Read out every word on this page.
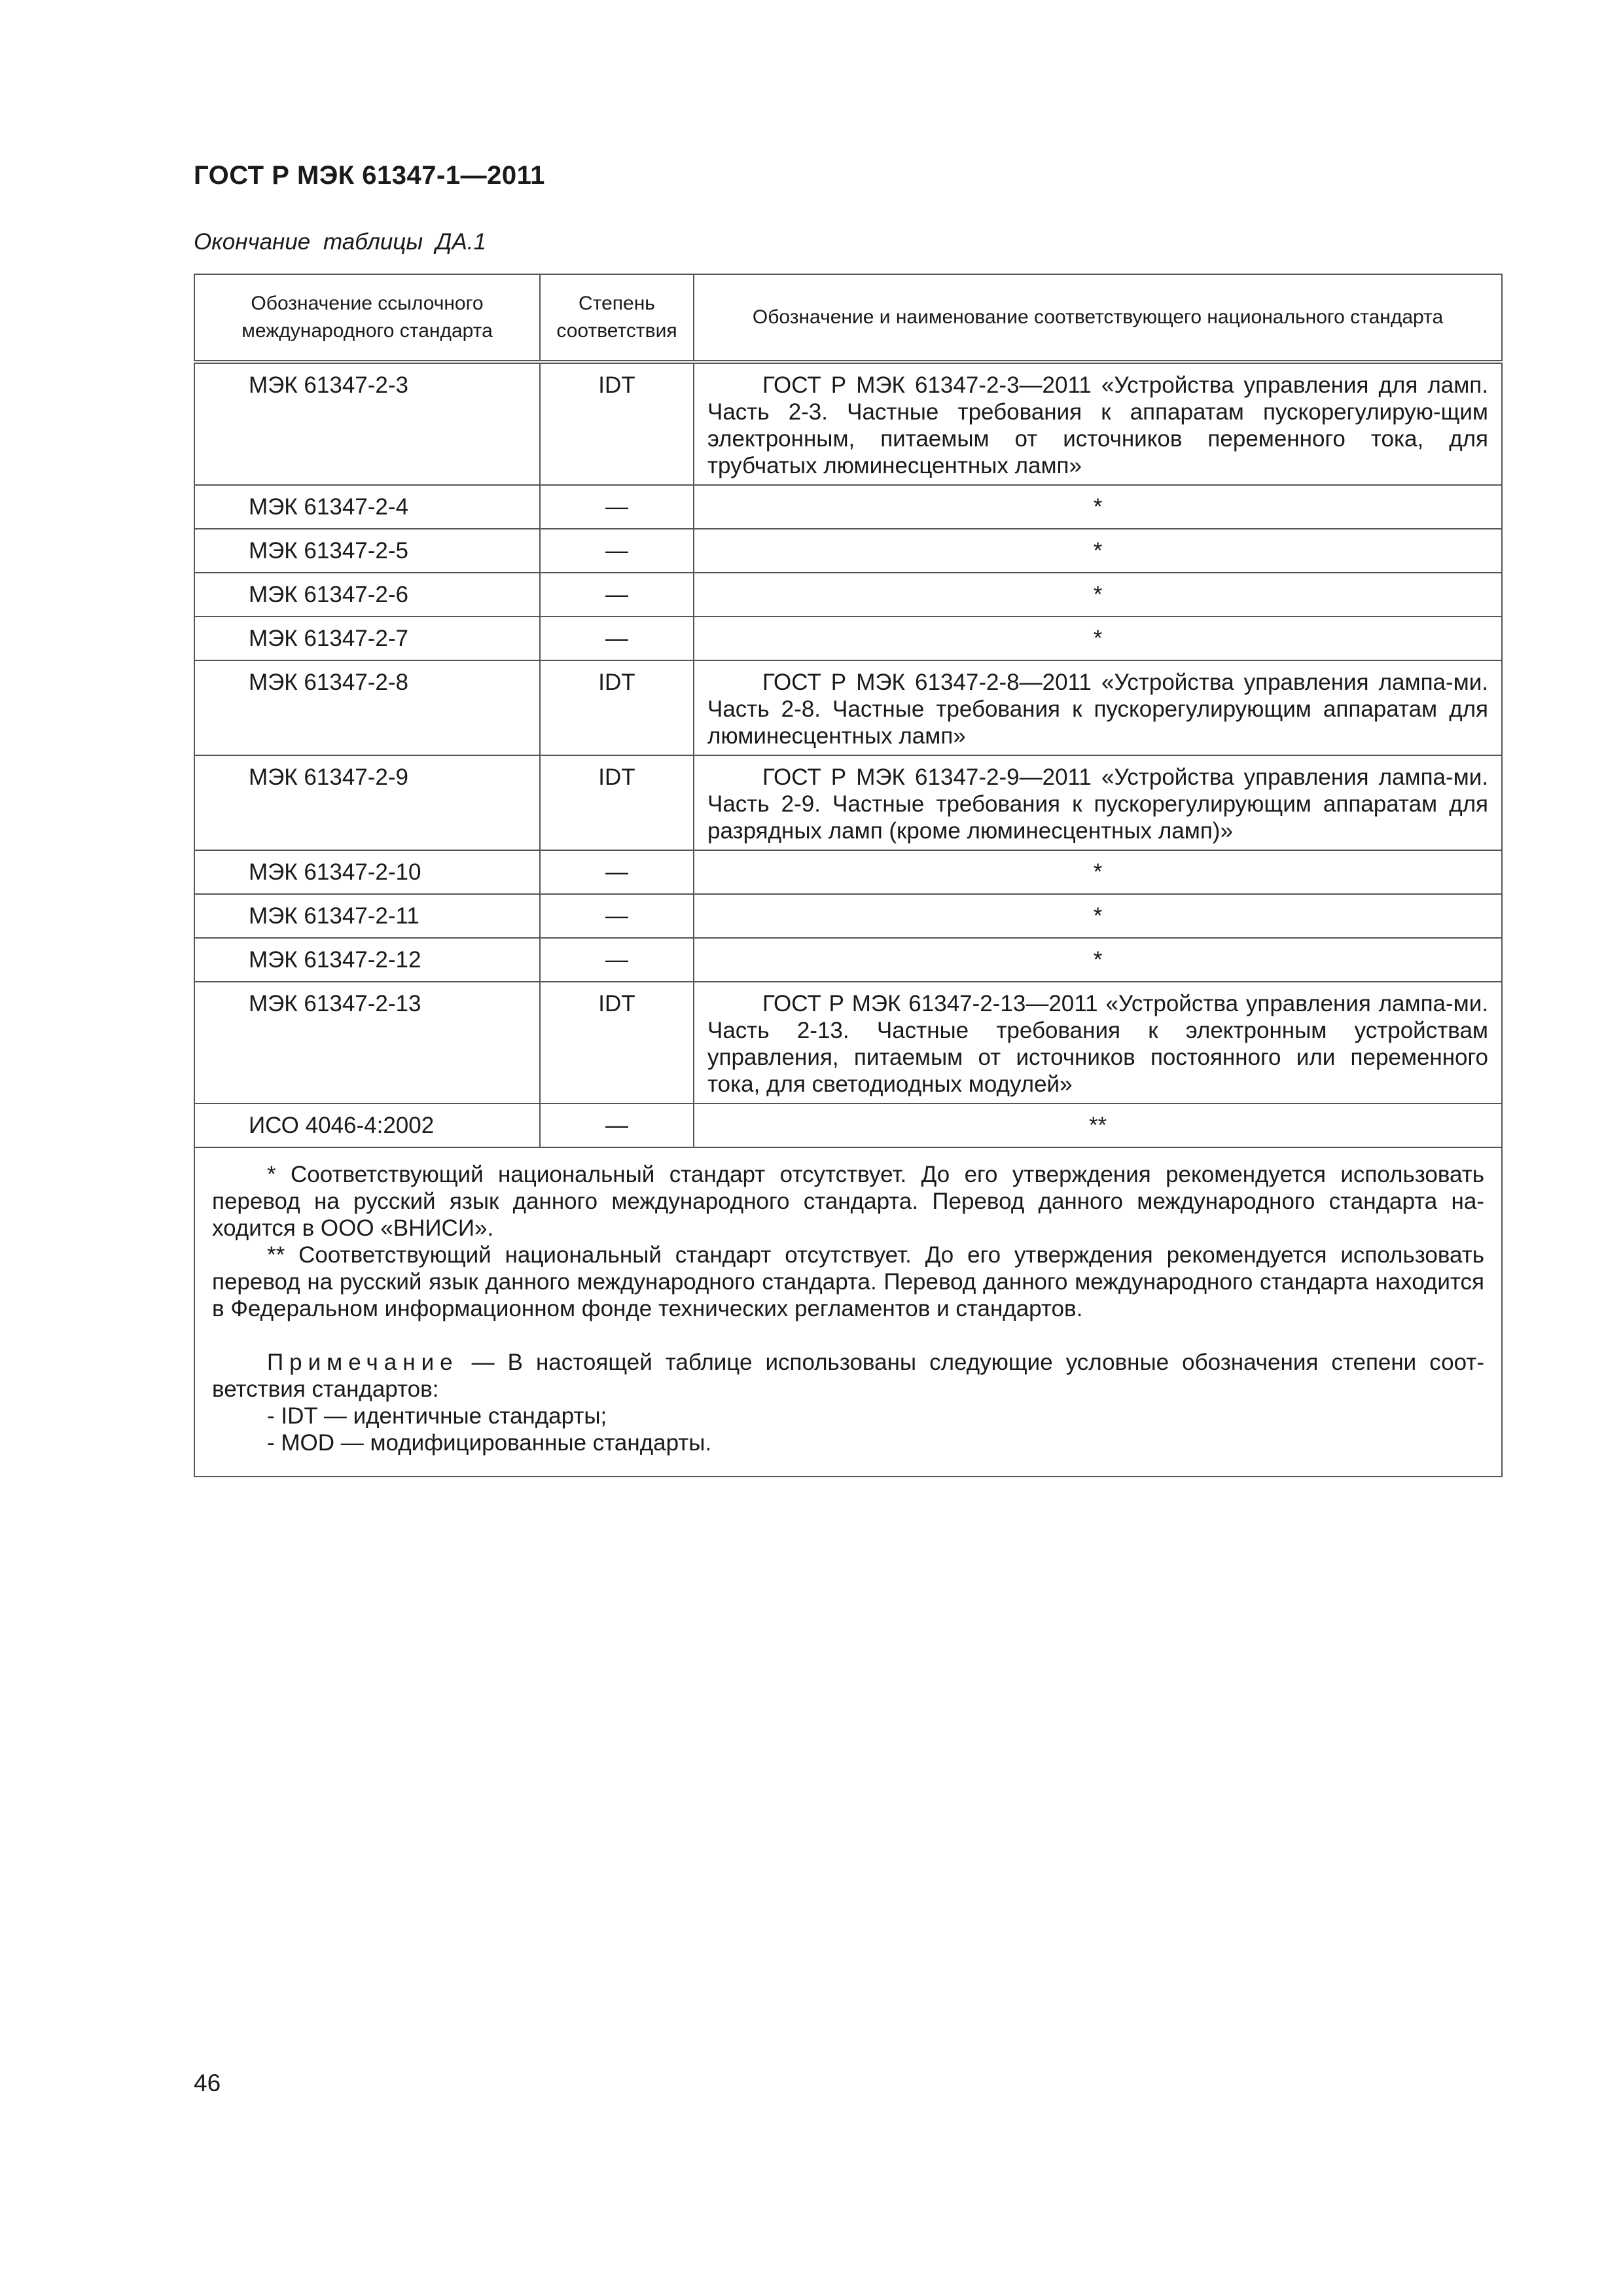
ГОСТ Р МЭК 61347-1—2011
Окончание таблицы ДА.1
Обозначение ссылочного международного стандарта	Степень соответствия	Обозначение и наименование соответствующего национального стандарта
МЭК 61347-2-3	IDT	ГОСТ Р МЭК 61347-2-3—2011 «Устройства управления для ламп. Часть 2-3. Частные требования к аппаратам пускорегулирую-щим электронным, питаемым от источников переменного тока, для трубчатых люминесцентных ламп»

МЭК 61347-2-4	—	*
МЭК 61347-2-5	—	*
МЭК 61347-2-6	—	*
МЭК 61347-2-7	—	*
МЭК 61347-2-8	IDT	ГОСТ Р МЭК 61347-2-8—2011 «Устройства управления лампа-ми. Часть 2-8. Частные требования к пускорегулирующим аппаратам для люминесцентных ламп»

МЭК 61347-2-9	IDT	ГОСТ Р МЭК 61347-2-9—2011 «Устройства управления лампа-ми. Часть 2-9. Частные требования к пускорегулирующим аппаратам для разрядных ламп (кроме люминесцентных ламп)»

МЭК 61347-2-10	—	*
МЭК 61347-2-11	—	*
МЭК 61347-2-12	—	*
МЭК 61347-2-13	IDT	ГОСТ Р МЭК 61347-2-13—2011 «Устройства управления лампа-ми. Часть 2-13. Частные требования к электронным устройствам управления, питаемым от источников постоянного или переменного тока, для светодиодных модулей»

ИСО 4046-4:2002	—	**

* Соответствующий национальный стандарт отсутствует. До его утверждения рекомендуется использовать перевод на русский язык данного международного стандарта. Перевод данного международного стандарта на-ходится в ООО «ВНИСИ».

** Соответствующий национальный стандарт отсутствует. До его утверждения рекомендуется использовать перевод на русский язык данного международного стандарта. Перевод данного международного стандарта находится в Федеральном информационном фонде технических регламентов и стандартов.

Примечание — В настоящей таблице использованы следующие условные обозначения степени соот-ветствия стандартов:

- IDT — идентичные стандарты;

- MOD — модифицированные стандарты.		

46
